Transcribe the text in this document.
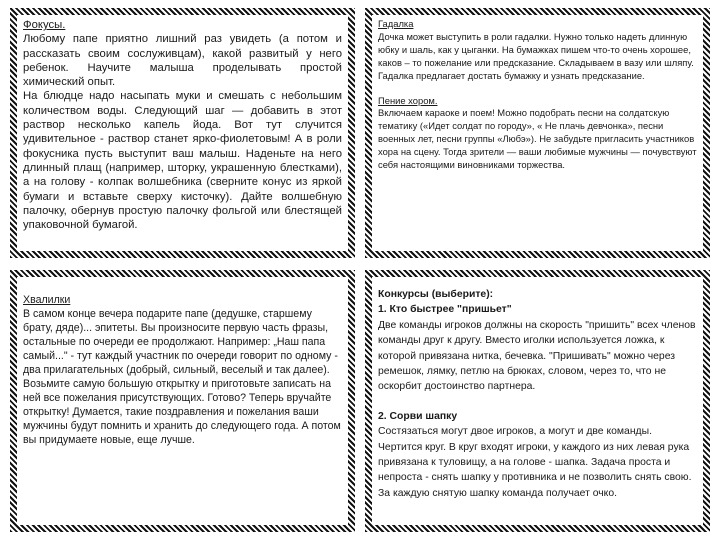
Фокусы.

Любому папе приятно лишний раз увидеть (а потом и рассказать своим сослуживцам), какой развитый у него ребенок. Научите малыша проделывать простой химический опыт.

На блюдце надо насыпать муки и смешать с небольшим количеством воды. Следующий шаг — добавить в этот раствор несколько капель йода. Вот тут случится удивительное - раствор станет ярко-фиолетовым! А в роли фокусника пусть выступит ваш малыш. Наденьте на него длинный плащ (например, шторку, украшенную блестками), а на голову - колпак волшебника (сверните конус из яркой бумаги и вставьте сверху кисточку). Дайте волшебную палочку, обернув простую палочку фольгой или блестящей упаковочной бумагой.

Гадалка

Дочка может выступить в роли гадалки. Нужно только надеть длинную юбку и шаль, как у цыганки. На бумажках пишем что-то очень хорошее, каков – то пожелание или предсказание. Складываем в вазу или шляпу. Гадалка предлагает достать бумажку и узнать предсказание.

Пение хором.

Включаем караоке и поем! Можно подобрать песни на солдатскую тематику («Идет солдат по городу», « Не плачь девчонка», песни военных лет, песни группы «Любэ»). Не забудьте пригласить участников хора на сцену. Тогда зрители — ваши любимые мужчины — почувствуют себя настоящими виновниками торжества.

Хвалилки

В самом конце вечера подарите папе (дедушке, старшему брату, дяде)... эпитеты. Вы произносите первую часть фразы, остальные по очереди ее продолжают. Например: „Наш папа самый..." - тут каждый участник по очереди говорит по одному - два прилагательных (добрый, сильный, веселый и так далее). Возьмите самую большую открытку и приготовьте записать на ней все пожелания присутствующих. Готово? Теперь вручайте открытку! Думается, такие поздравления и пожелания ваши мужчины будут помнить и хранить до следующего года. А потом вы придумаете новые, еще лучше.

Конкурсы (выберите):
1. Кто быстрее "пришьет"

Две команды игроков должны на скорость "пришить" всех членов команды друг к другу. Вместо иголки используется ложка, к которой привязана нитка, бечевка. "Пришивать" можно через ремешок, лямку, петлю на брюках, словом, через то, что не оскорбит достоинство партнера.

2. Сорви шапку

Состязаться могут двое игроков, а могут и две команды. Чертится круг. В круг входят игроки, у каждого из них левая рука привязана к туловищу, а на голове - шапка. Задача проста и непроста - снять шапку у противника и не позволить снять свою. За каждую снятую шапку команда получает очко.
